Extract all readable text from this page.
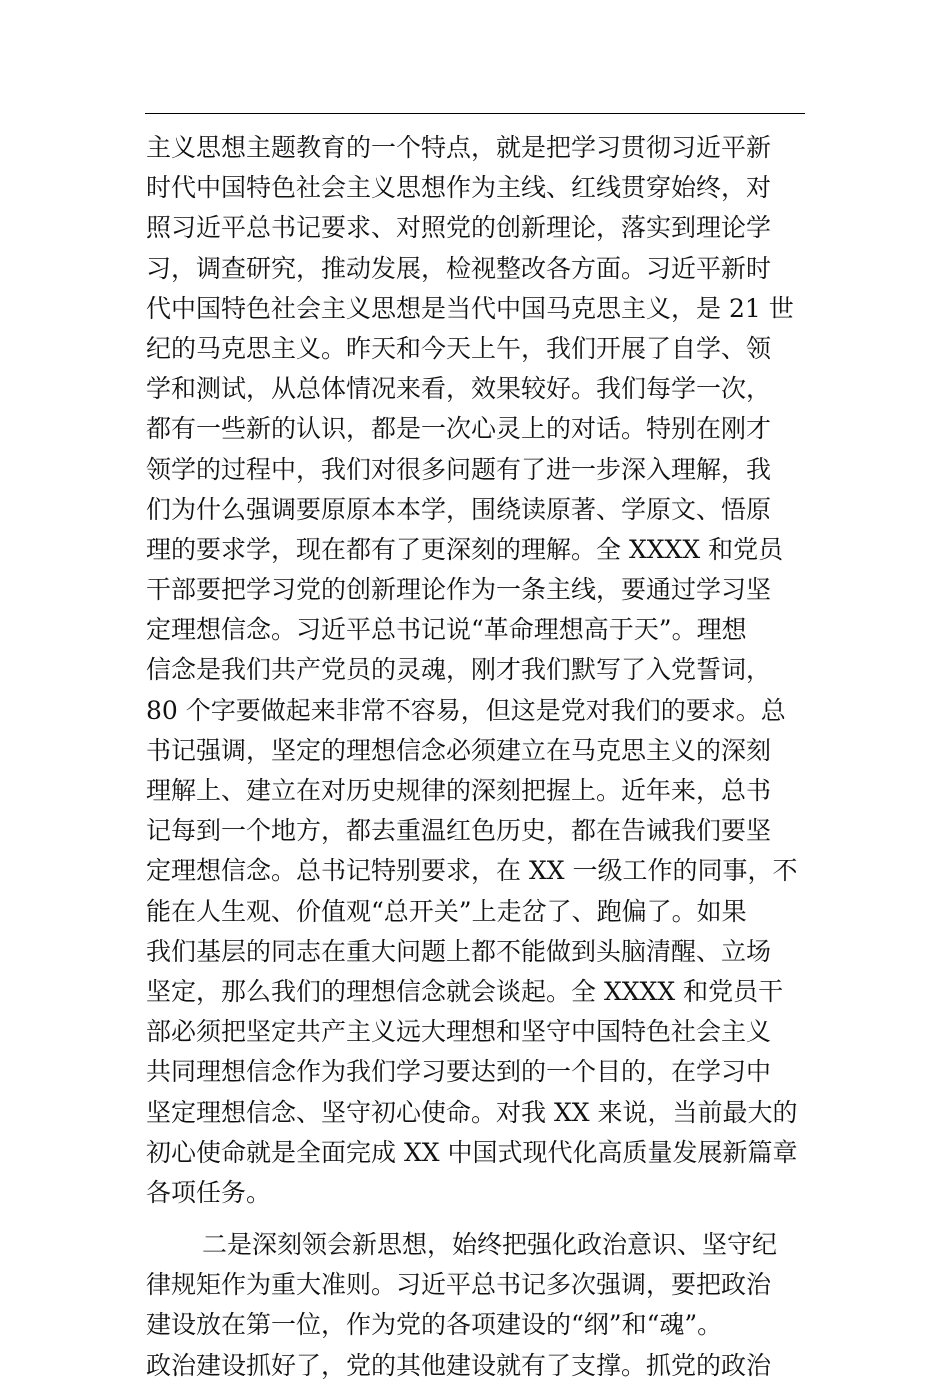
主义思想主题教育的一个特点，就是把学习贯彻习近平新
时代中国特色社会主义思想作为主线、红线贯穿始终，对
照习近平总书记要求、对照党的创新理论，落实到理论学
习，调查研究，推动发展，检视整改各方面。习近平新时
代中国特色社会主义思想是当代中国马克思主义，是 21 世
纪的马克思主义。昨天和今天上午，我们开展了自学、领
学和测试，从总体情况来看，效果较好。我们每学一次，
都有一些新的认识，都是一次心灵上的对话。特别在刚才
领学的过程中，我们对很多问题有了进一步深入理解，我
们为什么强调要原原本本学，围绕读原著、学原文、悟原
理的要求学，现在都有了更深刻的理解。全 XXXX 和党员
干部要把学习党的创新理论作为一条主线，要通过学习坚
定理想信念。习近平总书记说“革命理想高于天”。理想
信念是我们共产党员的灵魂，刚才我们默写了入党誓词，
80 个字要做起来非常不容易，但这是党对我们的要求。总
书记强调，坚定的理想信念必须建立在马克思主义的深刻
理解上、建立在对历史规律的深刻把握上。近年来，总书
记每到一个地方，都去重温红色历史，都在告诫我们要坚
定理想信念。总书记特别要求，在 XX 一级工作的同事，不
能在人生观、价值观“总开关”上走岔了、跑偏了。如果
我们基层的同志在重大问题上都不能做到头脑清醒、立场
坚定，那么我们的理想信念就会谈起。全 XXXX 和党员干
部必须把坚定共产主义远大理想和坚守中国特色社会主义
共同理想信念作为我们学习要达到的一个目的，在学习中
坚定理想信念、坚守初心使命。对我 XX 来说，当前最大的
初心使命就是全面完成 XX 中国式现代化高质量发展新篇章
各项任务。
二是深刻领会新思想，始终把强化政治意识、坚守纪
律规矩作为重大准则。习近平总书记多次强调，要把政治
建设放在第一位，作为党的各项建设的“纲”和“魂”。
政治建设抓好了，党的其他建设就有了支撑。抓党的政治
